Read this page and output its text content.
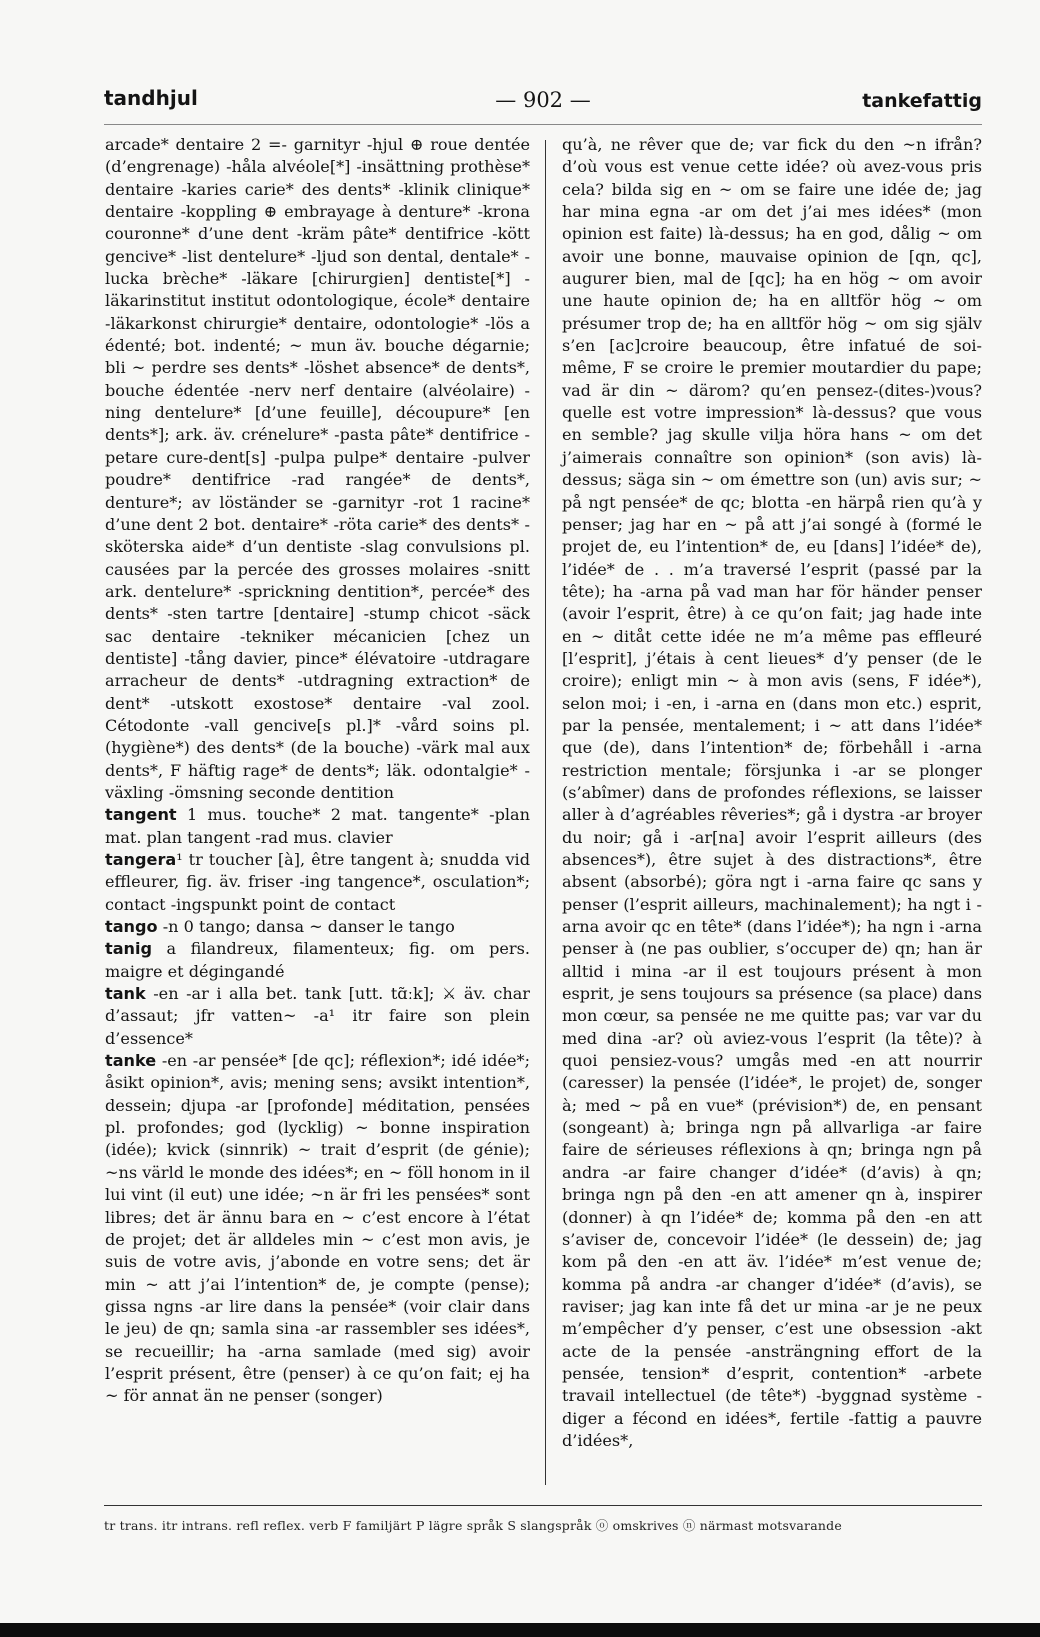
tandhjul	— 902 —	tankefattig

arcade* dentaire 2 =- garnityr -hjul ⊕ roue dentée (d’engrenage) -håla alvéole[*] -insättning prothèse* dentaire -karies carie* des dents* -klinik clinique* dentaire -koppling ⊕ embrayage à denture* -krona couronne* d’une dent -kräm pâte* dentifrice -kött gencive* -list dentelure* -ljud son dental, dentale* -lucka brèche* -läkare [chirurgien] dentiste[*] -läkarinstitut institut odontologique, école* dentaire -läkarkonst chirurgie* dentaire, odontologie* -lös a édenté; bot. indenté; ~ mun äv. bouche dégarnie; bli ~ perdre ses dents* -löshet absence* de dents*, bouche édentée -nerv nerf dentaire (alvéolaire) -ning dentelure* [d’une feuille], découpure* [en dents*]; ark. äv. crénelure* -pasta pâte* dentifrice -petare cure-dent[s] -pulpa pulpe* dentaire -pulver poudre* dentifrice -rad rangée* de dents*, denture*; av löständer se -garnityr -rot 1 racine* d’une dent 2 bot. dentaire* -röta carie* des dents* -sköterska aide* d’un dentiste -slag convulsions pl. causées par la percée des grosses molaires -snitt ark. dentelure* -sprickning dentition*, percée* des dents* -sten tartre [dentaire] -stump chicot -säck sac dentaire -tekniker mécanicien [chez un dentiste] -tång davier, pince* élévatoire -utdragare arracheur de dents* -utdragning extraction* de dent* -utskott exostose* dentaire -val zool. Cétodonte -vall gencive[s pl.]* -vård soins pl. (hygiène*) des dents* (de la bouche) -värk mal aux dents*, F häftig rage* de dents*; läk. odontalgie* -växling -ömsning seconde dentition

tangent 1 mus. touche* 2 mat. tangente* -plan mat. plan tangent -rad mus. clavier

tangera¹ tr toucher [à], être tangent à; snudda vid effleurer, fig. äv. friser -ing tangence*, osculation*; contact -ingspunkt point de contact

tango -n 0 tango; dansa ~ danser le tango

tanig a filandreux, filamenteux; fig. om pers. maigre et dégingandé

tank -en -ar i alla bet. tank [utt. tɑ̃ːk]; ⚔ äv. char d’assaut; jfr vatten~ -a¹ itr faire son plein d’essence*

tanke -en -ar pensée* [de qc]; réflexion*; idé idée*; åsikt opinion*, avis; mening sens; avsikt intention*, dessein; djupa -ar [profonde] méditation, pensées pl. profondes; god (lycklig) ~ bonne inspiration (idée); kvick (sinnrik) ~ trait d’esprit (de génie); ~ns värld le monde des idées*; en ~ föll honom in il lui vint (il eut) une idée; ~n är fri les pensées* sont libres; det är ännu bara en ~ c’est encore à l’état de projet; det är alldeles min ~ c’est mon avis, je suis de votre avis, j’abonde en votre sens; det är min ~ att j’ai l’intention* de, je compte (pense); gissa ngns -ar lire dans la pensée* (voir clair dans le jeu) de qn; samla sina -ar rassembler ses idées*, se recueillir; ha -arna samlade (med sig) avoir l’esprit présent, être (penser) à ce qu’on fait; ej ha ~ för annat än ne penser (songer)

qu’à, ne rêver que de; var fick du den ~n ifrån? d’où vous est venue cette idée? où avez-vous pris cela? bilda sig en ~ om se faire une idée de; jag har mina egna -ar om det j’ai mes idées* (mon opinion est faite) là-dessus; ha en god, dålig ~ om avoir une bonne, mauvaise opinion de [qn, qc], augurer bien, mal de [qc]; ha en hög ~ om avoir une haute opinion de; ha en alltför hög ~ om présumer trop de; ha en alltför hög ~ om sig själv s’en [ac]croire beaucoup, être infatué de soi-même, F se croire le premier moutardier du pape; vad är din ~ därom? qu’en pensez-(dites-)vous? quelle est votre impression* là-dessus? que vous en semble? jag skulle vilja höra hans ~ om det j’aimerais connaître son opinion* (son avis) là-dessus; säga sin ~ om émettre son (un) avis sur; ~ på ngt pensée* de qc; blotta -en härpå rien qu’à y penser; jag har en ~ på att j’ai songé à (formé le projet de, eu l’intention* de, eu [dans] l’idée* de), l’idée* de . . m’a traversé l’esprit (passé par la tête); ha -arna på vad man har för händer penser (avoir l’esprit, être) à ce qu’on fait; jag hade inte en ~ ditåt cette idée ne m’a même pas effleuré [l’esprit], j’étais à cent lieues* d’y penser (de le croire); enligt min ~ à mon avis (sens, F idée*), selon moi; i -en, i -arna en (dans mon etc.) esprit, par la pensée, mentalement; i ~ att dans l’idée* que (de), dans l’intention* de; förbehåll i -arna restriction mentale; försjunka i -ar se plonger (s’abîmer) dans de profondes réflexions, se laisser aller à d’agréables rêveries*; gå i dystra -ar broyer du noir; gå i -ar[na] avoir l’esprit ailleurs (des absences*), être sujet à des distractions*, être absent (absorbé); göra ngt i -arna faire qc sans y penser (l’esprit ailleurs, machinalement); ha ngt i -arna avoir qc en tête* (dans l’idée*); ha ngn i -arna penser à (ne pas oublier, s’occuper de) qn; han är alltid i mina -ar il est toujours présent à mon esprit, je sens toujours sa présence (sa place) dans mon cœur, sa pensée ne me quitte pas; var var du med dina -ar? où aviez-vous l’esprit (la tête)? à quoi pensiez-vous? umgås med -en att nourrir (caresser) la pensée (l’idée*, le projet) de, songer à; med ~ på en vue* (prévision*) de, en pensant (songeant) à; bringa ngn på allvarliga -ar faire faire de sérieuses réflexions à qn; bringa ngn på andra -ar faire changer d’idée* (d’avis) à qn; bringa ngn på den -en att amener qn à, inspirer (donner) à qn l’idée* de; komma på den -en att s’aviser de, concevoir l’idée* (le dessein) de; jag kom på den -en att äv. l’idée* m’est venue de; komma på andra -ar changer d’idée* (d’avis), se raviser; jag kan inte få det ur mina -ar je ne peux m’empêcher d’y penser, c’est une obsession -akt acte de la pensée -ansträngning effort de la pensée, tension* d’esprit, contention* -arbete travail intellectuel (de tête*) -byggnad système -diger a fécond en idées*, fertile -fattig a pauvre d’idées*,

tr trans. itr intrans. refl reflex. verb F familjärt P lägre språk S slangspråk ⓞ omskrives ⓝ närmast motsvarande
